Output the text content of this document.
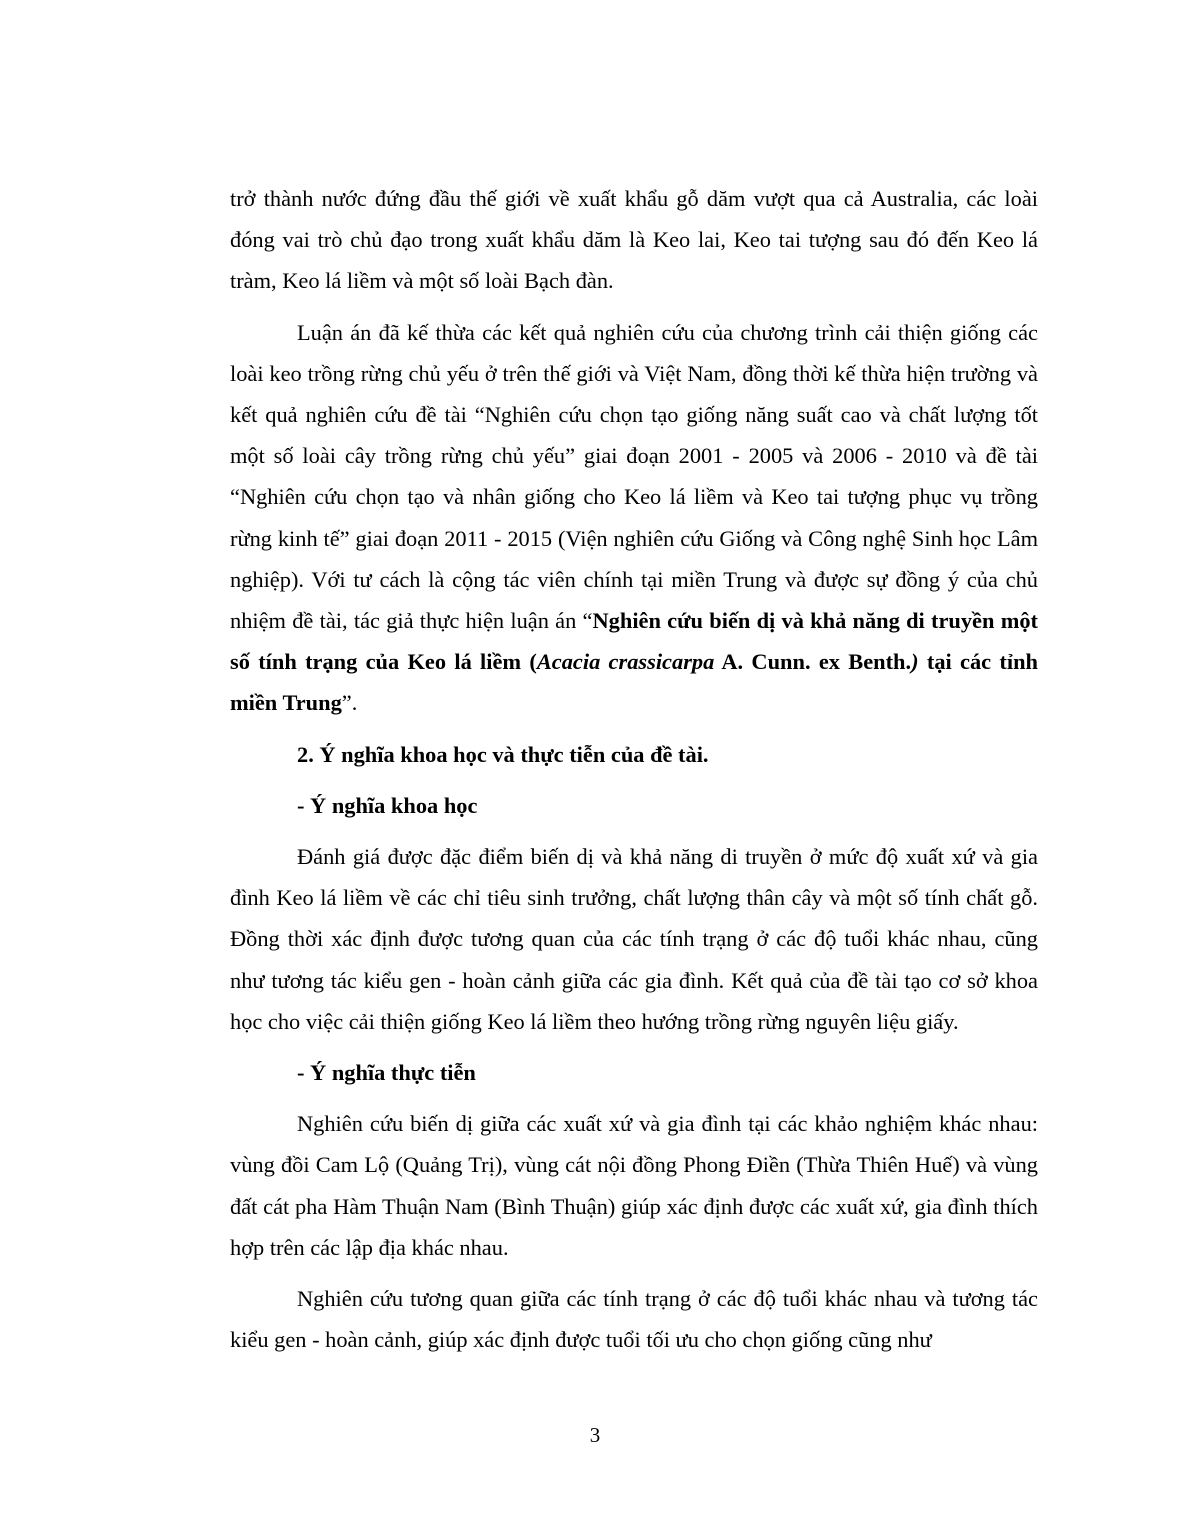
trở thành nước đứng đầu thế giới về xuất khẩu gỗ dăm vượt qua cả Australia, các loài đóng vai trò chủ đạo trong xuất khẩu dăm là Keo lai, Keo tai tượng sau đó đến Keo lá tràm, Keo lá liềm và một số loài Bạch đàn.

Luận án đã kế thừa các kết quả nghiên cứu của chương trình cải thiện giống các loài keo trồng rừng chủ yếu ở trên thế giới và Việt Nam, đồng thời kế thừa hiện trường và kết quả nghiên cứu đề tài “Nghiên cứu chọn tạo giống năng suất cao và chất lượng tốt một số loài cây trồng rừng chủ yếu” giai đoạn 2001 - 2005 và 2006 - 2010 và đề tài “Nghiên cứu chọn tạo và nhân giống cho Keo lá liềm và Keo tai tượng phục vụ trồng rừng kinh tế” giai đoạn 2011 - 2015 (Viện nghiên cứu Giống và Công nghệ Sinh học Lâm nghiệp). Với tư cách là cộng tác viên chính tại miền Trung và được sự đồng ý của chủ nhiệm đề tài, tác giả thực hiện luận án “Nghiên cứu biến dị và khả năng di truyền một số tính trạng của Keo lá liềm (Acacia crassicarpa A. Cunn. ex Benth.) tại các tỉnh miền Trung”.

2. Ý nghĩa khoa học và thực tiễn của đề tài.

- Ý nghĩa khoa học

Đánh giá được đặc điểm biến dị và khả năng di truyền ở mức độ xuất xứ và gia đình Keo lá liềm về các chỉ tiêu sinh trưởng, chất lượng thân cây và một số tính chất gỗ. Đồng thời xác định được tương quan của các tính trạng ở các độ tuổi khác nhau, cũng như tương tác kiểu gen - hoàn cảnh giữa các gia đình. Kết quả của đề tài tạo cơ sở khoa học cho việc cải thiện giống Keo lá liềm theo hướng trồng rừng nguyên liệu giấy.

- Ý nghĩa thực tiễn

Nghiên cứu biến dị giữa các xuất xứ và gia đình tại các khảo nghiệm khác nhau: vùng đồi Cam Lộ (Quảng Trị), vùng cát nội đồng Phong Điền (Thừa Thiên Huế) và vùng đất cát pha Hàm Thuận Nam (Bình Thuận) giúp xác định được các xuất xứ, gia đình thích hợp trên các lập địa khác nhau.

Nghiên cứu tương quan giữa các tính trạng ở các độ tuổi khác nhau và tương tác kiểu gen - hoàn cảnh, giúp xác định được tuổi tối ưu cho chọn giống cũng như

3
